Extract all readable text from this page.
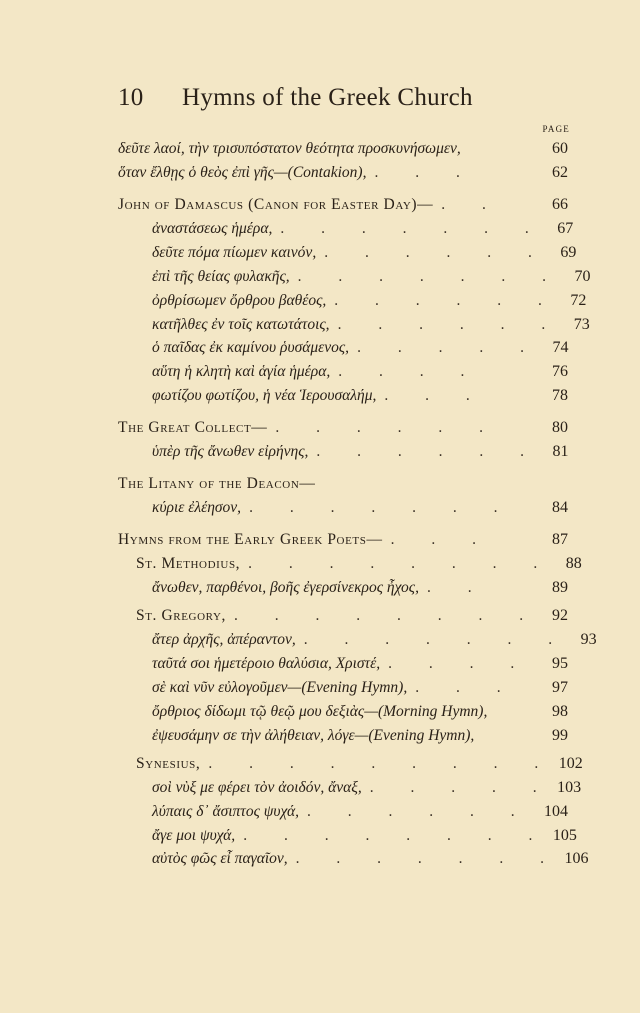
10 Hymns of the Greek Church
PAGE
δεῦτε λαοί, τὴν τρισυπόστατον θεότητα προσκυνήσωμεν,	60
ὅταν ἔλθῃς ὁ θεὸς ἐπὶ γῆς—(Contakion), . . .	62
John of Damascus (Canon for Easter Day)— . .	66
ἀναστάσεως ἡμέρα, . . . . . . . 67
δεῦτε πόμα πίωμεν καινόν, . . . . . . 69
ἐπὶ τῆς θείας φυλακῆς, . . . . . . . 70
ὀρθρίσωμεν ὄρθρου βαθέος, . . . . . . 72
κατῆλθες ἐν τοῖς κατωτάτοις, . . . . . . 73
ὁ παῖδας ἐκ καμίνου ῥυσάμενος, . . . . . 74
αὕτη ἡ κλητὴ καὶ ἁγία ἡμέρα, . . . .	76
φωτίζου φωτίζου, ἡ νέα Ἱερουσαλήμ, . . .	78
The Great Collect— . . . . . .	80
ὑπὲρ τῆς ἄνωθεν εἰρήνης, . . . . . . 81
The Litany of the Deacon—
κύριε ἐλέησον, . . . . . . .	84
Hymns from the Early Greek Poets— . . .	87
St. Methodius, . . . . . . . . 88
ἄνωθεν, παρθένοι, βοῆς ἐγερσίνεκρος ἦχος, . .	89
St. Gregory, . . . . . . . . 92
ἄτερ ἀρχῆς, ἀπέραντον, . . . . . . . 93
ταῦτά σοι ἡμετέροιο θαλύσια, Χριστέ, . . . .	95
σὲ καὶ νῦν εὐλογοῦμεν—(Evening Hymn), . . .	97
ὄρθριος δίδωμι τῷ θεῷ μου δεξιὰς—(Morning Hymn),	98
ἐψευσάμην σε τὴν ἀλήθειαν, λόγε—(Evening Hymn),	99
Synesius, . . . . . . . . . 102
σοὶ νὺξ με φέρει τὸν ἀοιδόν, ἄναξ, . . . . . 103
λύπαις δ᾽ ἄσιπτος ψυχά, . . . . . . 104
ἄγε μοι ψυχά, . . . . . . . . 105
αὐτὸς φῶς εἶ παγαῖον, . . . . . . . 106
